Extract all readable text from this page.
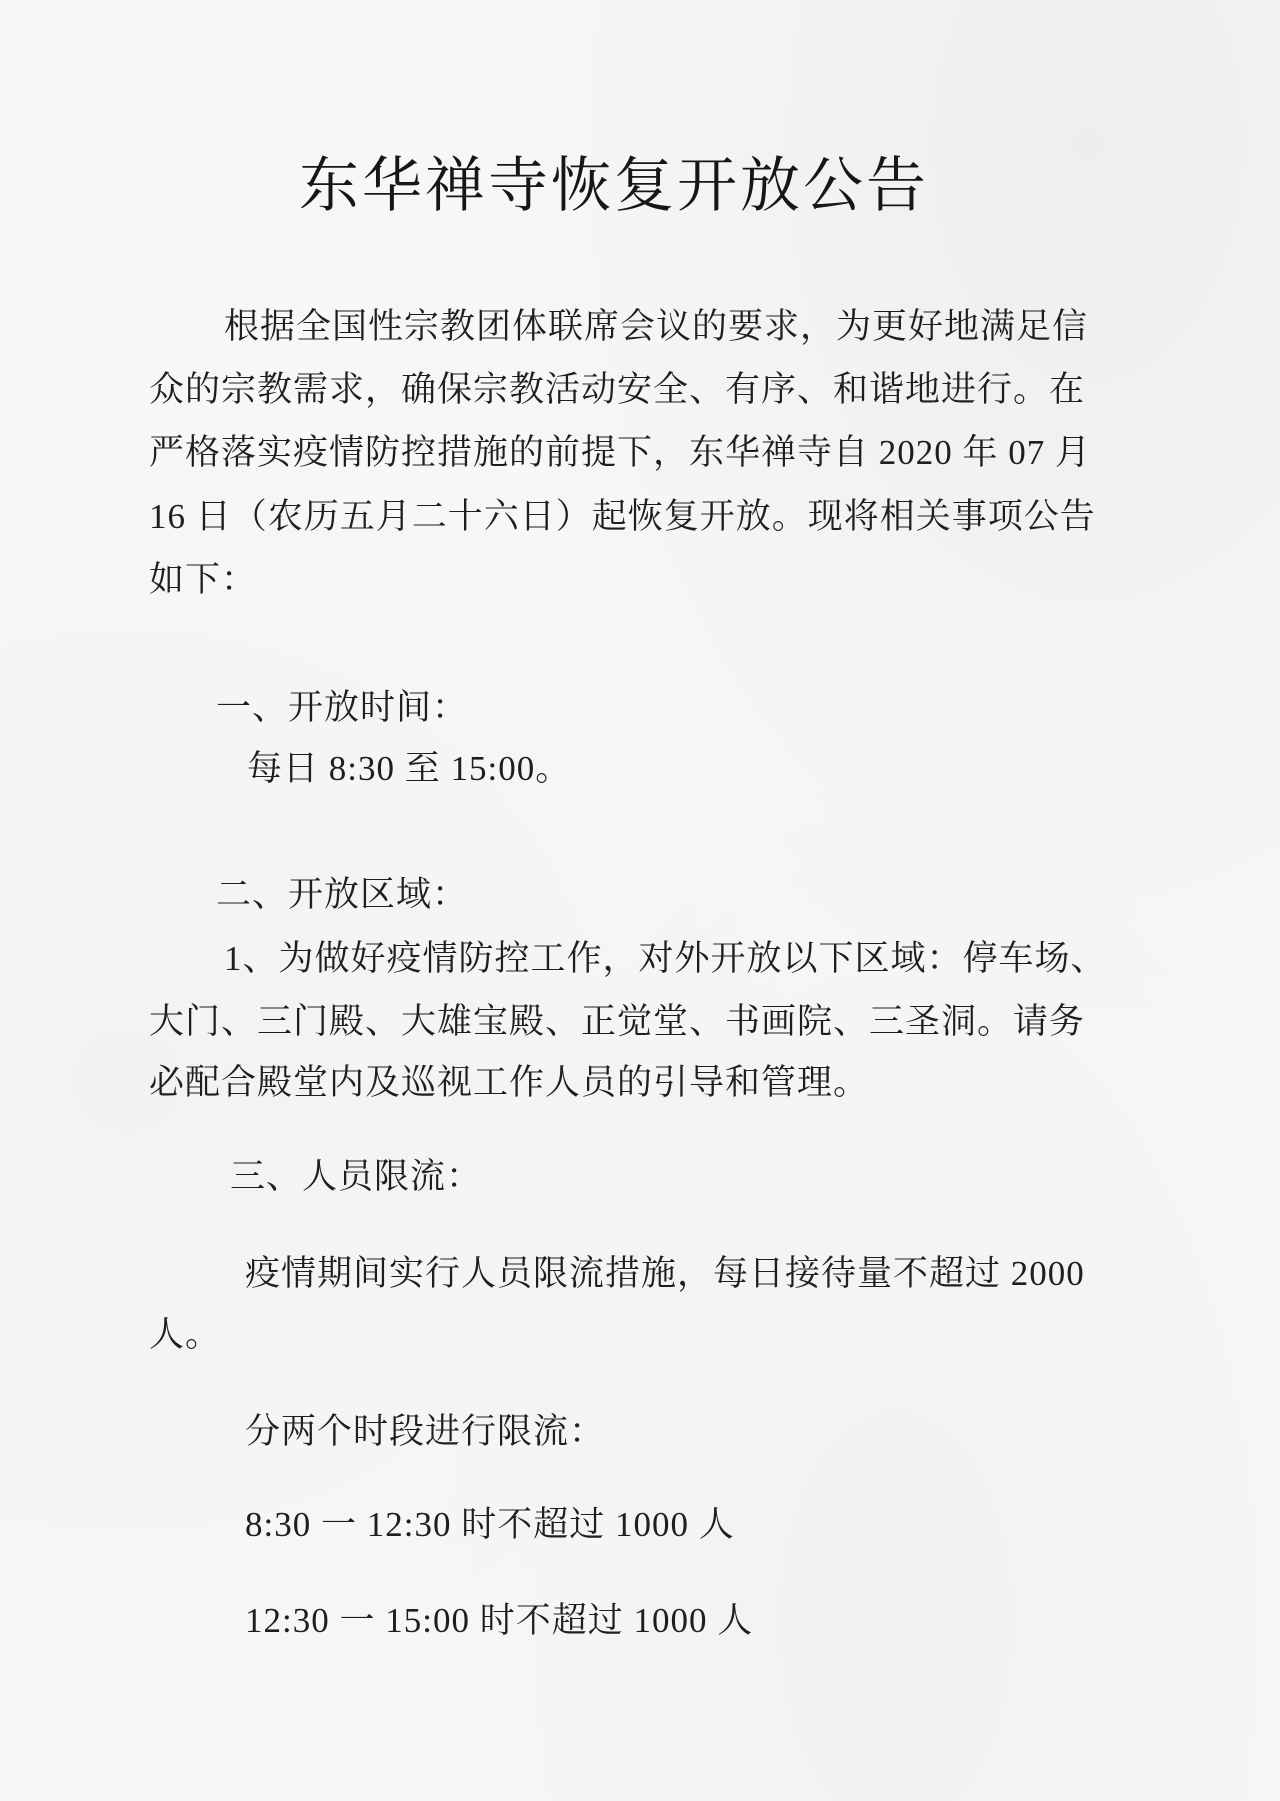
东华禅寺恢复开放公告
根据全国性宗教团体联席会议的要求，为更好地满足信
众的宗教需求，确保宗教活动安全、有序、和谐地进行。在
严格落实疫情防控措施的前提下，东华禅寺自 2020 年 07 月
16 日（农历五月二十六日）起恢复开放。现将相关事项公告
如下：
一、开放时间：
每日 8:30 至 15:00。
二、开放区域：
1、为做好疫情防控工作，对外开放以下区域：停车场、
大门、三门殿、大雄宝殿、正觉堂、书画院、三圣洞。请务
必配合殿堂内及巡视工作人员的引导和管理。
三、人员限流：
疫情期间实行人员限流措施，每日接待量不超过 2000
人。
分两个时段进行限流：
8:30 一 12:30 时不超过 1000 人
12:30 一 15:00 时不超过 1000 人
